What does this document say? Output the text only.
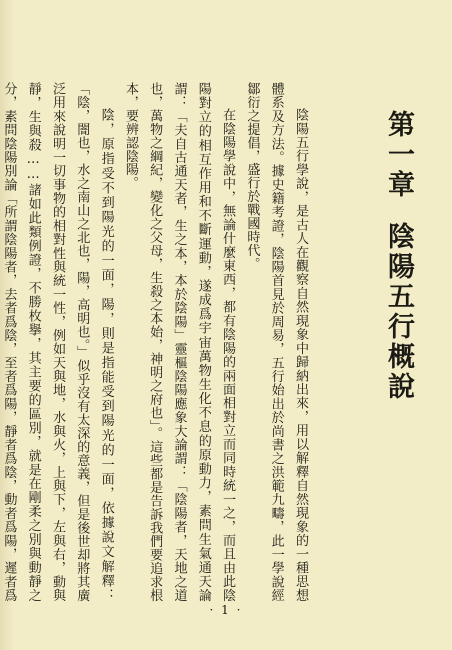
第一章
陰陽五行概說

陰陽五行學說，是古人在觀察自然現象中歸納出來，用以解釋自然現象的一種思想體系及方法。據史籍考證，陰陽首見於周易，五行始出於尚書之洪範九疇，此一學說經鄒衍之提倡，盛行於戰國時代。

在陰陽學說中，無論什麼東西，都有陰陽的兩面相對立而同時統一之，而且由此陰陽對立的相互作用和不斷運動，遂成爲宇宙萬物生化不息的原動力，素問生氣通天論謂：「夫自古通天者，生之本，本於陰陽」靈樞陰陽應象大論謂：「陰陽者，天地之道也，萬物之綱紀，變化之父母，生殺之本始，神明之府也」。這些都是告訴我們要追求根本，要辨認陰陽。

陰，原指受不到陽光的一面，陽，則是指能受到陽光的一面，依據說文解釋：「陰，闇也，水之南山之北也，陽，高明也。」似乎沒有太深的意義，但是後世却將其廣泛用來說明一切事物的相對性與統一性，例如天與地，水與火，上與下，左與右，動與靜，生與殺……諸如此類例證，不勝枚擧，其主要的區別，就是在剛柔之別與動靜之分，素問陰陽別論「所謂陰陽者，去者爲陰，至者爲陽，靜者爲陰，動者爲陽，遲者爲

· 1 ·
